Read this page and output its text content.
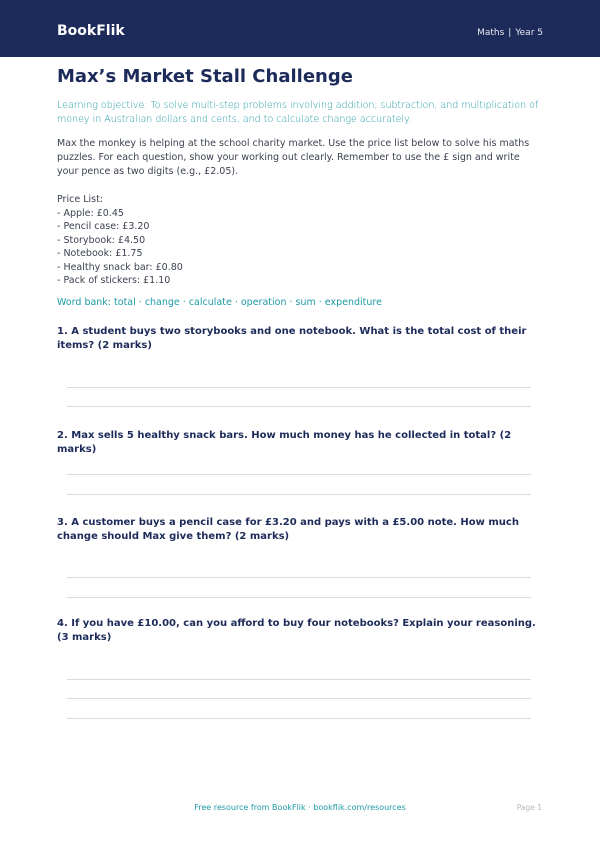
BookFlik	Maths | Year 5
Max’s Market Stall Challenge
Learning objective: To solve multi-step problems involving addition, subtraction, and multiplication of money in Australian dollars and cents, and to calculate change accurately.
Max the monkey is helping at the school charity market. Use the price list below to solve his maths puzzles. For each question, show your working out clearly. Remember to use the £ sign and write your pence as two digits (e.g., £2.05).
Price List:
- Apple: £0.45
- Pencil case: £3.20
- Storybook: £4.50
- Notebook: £1.75
- Healthy snack bar: £0.80
- Pack of stickers: £1.10
Word bank: total · change · calculate · operation · sum · expenditure
1. A student buys two storybooks and one notebook. What is the total cost of their items? (2 marks)
2. Max sells 5 healthy snack bars. How much money has he collected in total? (2 marks)
3. A customer buys a pencil case for £3.20 and pays with a £5.00 note. How much change should Max give them? (2 marks)
4. If you have £10.00, can you afford to buy four notebooks? Explain your reasoning. (3 marks)
Free resource from BookFlik · bookflik.com/resources	Page 1
